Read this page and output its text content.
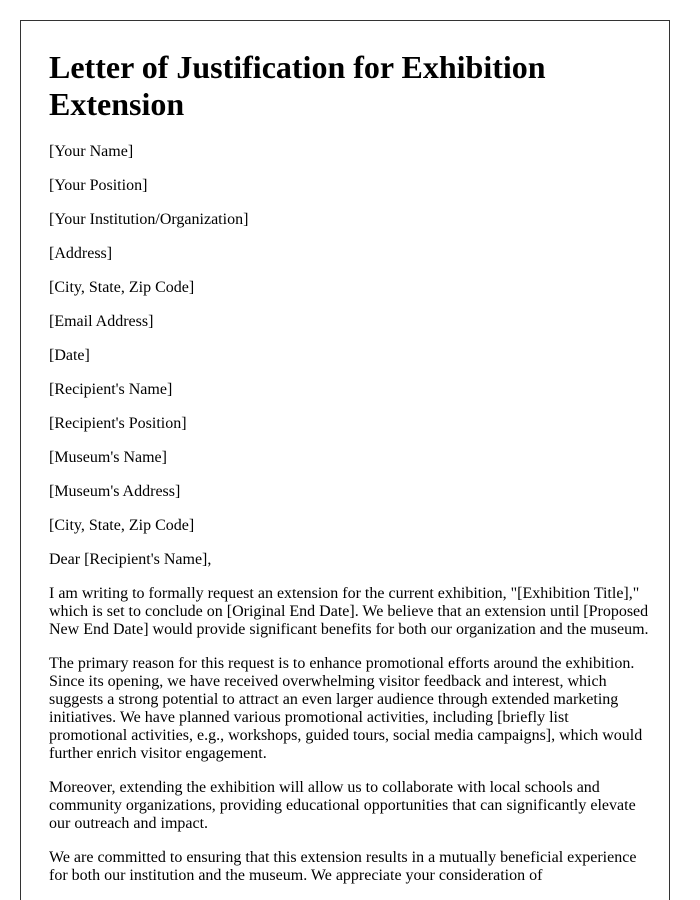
Letter of Justification for Exhibition Extension
[Your Name]
[Your Position]
[Your Institution/Organization]
[Address]
[City, State, Zip Code]
[Email Address]
[Date]
[Recipient's Name]
[Recipient's Position]
[Museum's Name]
[Museum's Address]
[City, State, Zip Code]
Dear [Recipient's Name],

I am writing to formally request an extension for the current exhibition, "[Exhibition Title]," which is set to conclude on [Original End Date]. We believe that an extension until [Proposed New End Date] would provide significant benefits for both our organization and the museum.

The primary reason for this request is to enhance promotional efforts around the exhibition. Since its opening, we have received overwhelming visitor feedback and interest, which suggests a strong potential to attract an even larger audience through extended marketing initiatives. We have planned various promotional activities, including [briefly list promotional activities, e.g., workshops, guided tours, social media campaigns], which would further enrich visitor engagement.

Moreover, extending the exhibition will allow us to collaborate with local schools and community organizations, providing educational opportunities that can significantly elevate our outreach and impact.

We are committed to ensuring that this extension results in a mutually beneficial experience for both our institution and the museum. We appreciate your consideration of
